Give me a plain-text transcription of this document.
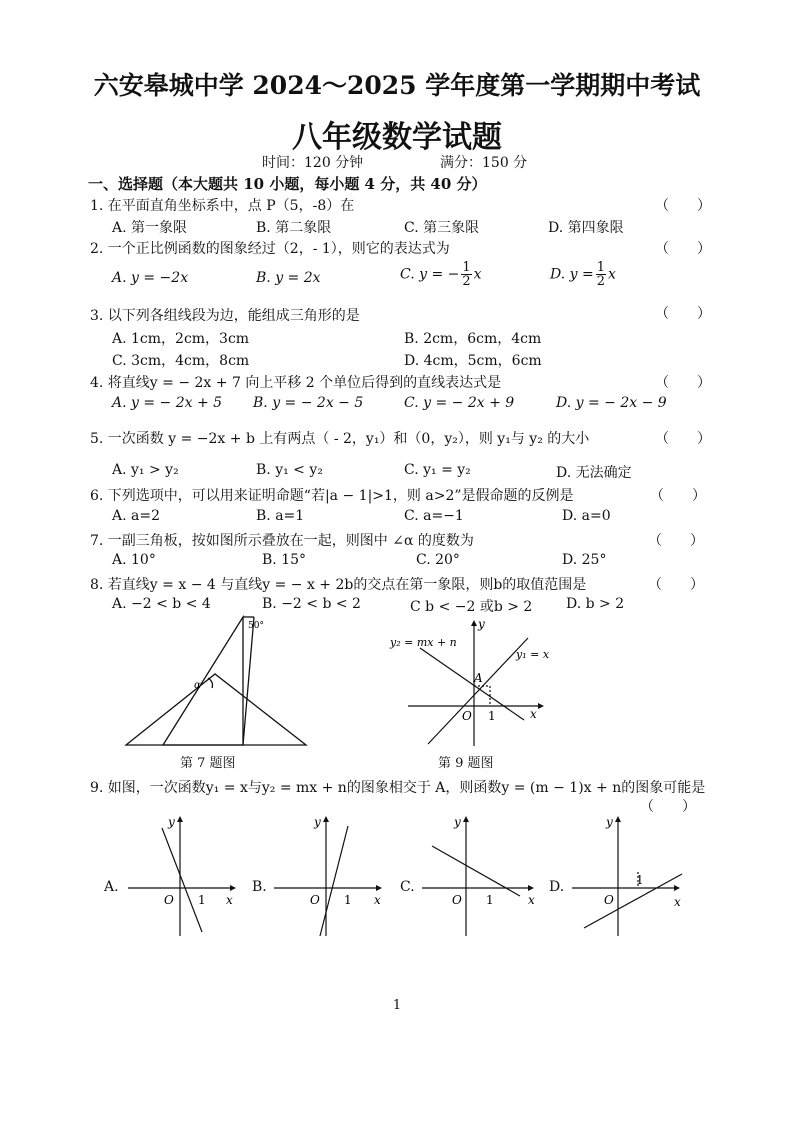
六安皋城中学 2024～2025 学年度第一学期期中考试
八年级数学试题
时间：120 分钟	满分：150 分
一、选择题（本大题共 10 小题，每小题 4 分，共 40 分）
1. 在平面直角坐标系中，点 P（5，-8）在	（　　）
A. 第一象限	B. 第二象限	C. 第三象限	D. 第四象限
2. 一个正比例函数的图象经过（2，- 1），则它的表达式为	（　　）
A. y = −2x	B. y = 2x	C. y = − $\frac{1}{2}$ x	D. $y = \frac{1}{2}$ x
3. 以下列各组线段为边，能组成三角形的是	（　　）
A. 1cm，2cm，3cm	B. 2cm，6cm，4cm
C. 3cm，4cm，8cm	D. 4cm，5cm，6cm
4. 将直线y = − 2x + 7 向上平移 2 个单位后得到的直线表达式是	（　　）
A. y = − 2x + 5 B. y = − 2x − 5	C. y = − 2x + 9	D. y = − 2x − 9
5. 一次函数 y = −2x + b 上有两点（ - 2，y₁）和（0，y₂），则 y₁与 y₂ 的大小	（　　）
A. y₁ > y₂	B. y₁ < y₂	C. y₁ = y₂	D. 无法确定
6. 下列选项中，可以用来证明命题“若|a − 1|>1，则 a>2”是假命题的反例是	（　　）
A. a=2	B. a=1	C. a=−1	D. a=0
7. 一副三角板，按如图所示叠放在一起，则图中 ∠α 的度数为	（　　）
A. 10°	B. 15°	C. 20°	D. 25°
8. 若直线y = x − 4 与直线y = − x + 2b的交点在第一象限，则b的取值范围是	（　　）
A. −2 < b < 4	B. −2 < b < 2	C b < −2 或b > 2 D. b > 2
50°
α
第 7 题图
y
x
y₂ = mx + n
y₁ = x
A
O 1
第 9 题图
9. 如图，一次函数y₁ = x与y₂ = mx + n的图象相交于 A，则函数y = (m − 1)x + n的图象可能是
（　　）
A.
y
x
O 1
B.
y
x
O 1
C.
y
x
O 1
D.
y
x
O
1
1
